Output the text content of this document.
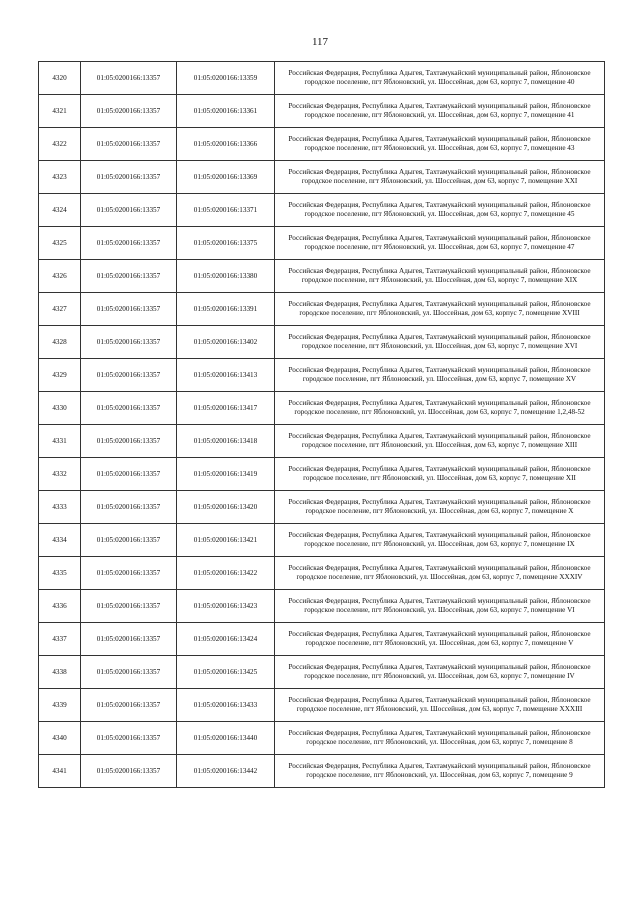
117
4320	01:05:0200166:13357	01:05:0200166:13359	Российская Федерация, Республика Адыгея, Тахтамукайский муниципальный район, Яблоновское городское поселение, пгт Яблоновский, ул. Шоссейная, дом 63, корпус 7, помещение 40
4321	01:05:0200166:13357	01:05:0200166:13361	Российская Федерация, Республика Адыгея, Тахтамукайский муниципальный район, Яблоновское городское поселение, пгт Яблоновский, ул. Шоссейная, дом 63, корпус 7, помещение 41
4322	01:05:0200166:13357	01:05:0200166:13366	Российская Федерация, Республика Адыгея, Тахтамукайский муниципальный район, Яблоновское городское поселение, пгт Яблоновский, ул. Шоссейная, дом 63, корпус 7, помещение 43
4323	01:05:0200166:13357	01:05:0200166:13369	Российская Федерация, Республика Адыгея, Тахтамукайский муниципальный район, Яблоновское городское поселение, пгт Яблоновский, ул. Шоссейная, дом 63, корпус 7, помещение XXI
4324	01:05:0200166:13357	01:05:0200166:13371	Российская Федерация, Республика Адыгея, Тахтамукайский муниципальный район, Яблоновское городское поселение, пгт Яблоновский, ул. Шоссейная, дом 63, корпус 7, помещение 45
4325	01:05:0200166:13357	01:05:0200166:13375	Российская Федерация, Республика Адыгея, Тахтамукайский муниципальный район, Яблоновское городское поселение, пгт Яблоновский, ул. Шоссейная, дом 63, корпус 7, помещение 47
4326	01:05:0200166:13357	01:05:0200166:13380	Российская Федерация, Республика Адыгея, Тахтамукайский муниципальный район, Яблоновское городское поселение, пгт Яблоновский, ул. Шоссейная, дом 63, корпус 7, помещение XIX
4327	01:05:0200166:13357	01:05:0200166:13391	Российская Федерация, Республика Адыгея, Тахтамукайский муниципальный район, Яблоновское городское поселение, пгт Яблоновский, ул. Шоссейная, дом 63, корпус 7, помещение XVIII
4328	01:05:0200166:13357	01:05:0200166:13402	Российская Федерация, Республика Адыгея, Тахтамукайский муниципальный район, Яблоновское городское поселение, пгт Яблоновский, ул. Шоссейная, дом 63, корпус 7, помещение XVI
4329	01:05:0200166:13357	01:05:0200166:13413	Российская Федерация, Республика Адыгея, Тахтамукайский муниципальный район, Яблоновское городское поселение, пгт Яблоновский, ул. Шоссейная, дом 63, корпус 7, помещение XV
4330	01:05:0200166:13357	01:05:0200166:13417	Российская Федерация, Республика Адыгея, Тахтамукайский муниципальный район, Яблоновское городское поселение, пгт Яблоновский, ул. Шоссейная, дом 63, корпус 7, помещение 1,2,48-52
4331	01:05:0200166:13357	01:05:0200166:13418	Российская Федерация, Республика Адыгея, Тахтамукайский муниципальный район, Яблоновское городское поселение, пгт Яблоновский, ул. Шоссейная, дом 63, корпус 7, помещение XIII
4332	01:05:0200166:13357	01:05:0200166:13419	Российская Федерация, Республика Адыгея, Тахтамукайский муниципальный район, Яблоновское городское поселение, пгт Яблоновский, ул. Шоссейная, дом 63, корпус 7, помещение XII
4333	01:05:0200166:13357	01:05:0200166:13420	Российская Федерация, Республика Адыгея, Тахтамукайский муниципальный район, Яблоновское городское поселение, пгт Яблоновский, ул. Шоссейная, дом 63, корпус 7, помещение X
4334	01:05:0200166:13357	01:05:0200166:13421	Российская Федерация, Республика Адыгея, Тахтамукайский муниципальный район, Яблоновское городское поселение, пгт Яблоновский, ул. Шоссейная, дом 63, корпус 7, помещение IX
4335	01:05:0200166:13357	01:05:0200166:13422	Российская Федерация, Республика Адыгея, Тахтамукайский муниципальный район, Яблоновское городское поселение, пгт Яблоновский, ул. Шоссейная, дом 63, корпус 7, помещение XXXIV
4336	01:05:0200166:13357	01:05:0200166:13423	Российская Федерация, Республика Адыгея, Тахтамукайский муниципальный район, Яблоновское городское поселение, пгт Яблоновский, ул. Шоссейная, дом 63, корпус 7, помещение VI
4337	01:05:0200166:13357	01:05:0200166:13424	Российская Федерация, Республика Адыгея, Тахтамукайский муниципальный район, Яблоновское городское поселение, пгт Яблоновский, ул. Шоссейная, дом 63, корпус 7, помещение V
4338	01:05:0200166:13357	01:05:0200166:13425	Российская Федерация, Республика Адыгея, Тахтамукайский муниципальный район, Яблоновское городское поселение, пгт Яблоновский, ул. Шоссейная, дом 63, корпус 7, помещение IV
4339	01:05:0200166:13357	01:05:0200166:13433	Российская Федерация, Республика Адыгея, Тахтамукайский муниципальный район, Яблоновское городское поселение, пгт Яблоновский, ул. Шоссейная, дом 63, корпус 7, помещение XXXIII
4340	01:05:0200166:13357	01:05:0200166:13440	Российская Федерация, Республика Адыгея, Тахтамукайский муниципальный район, Яблоновское городское поселение, пгт Яблоновский, ул. Шоссейная, дом 63, корпус 7, помещение 8
4341	01:05:0200166:13357	01:05:0200166:13442	Российская Федерация, Республика Адыгея, Тахтамукайский муниципальный район, Яблоновское городское поселение, пгт Яблоновский, ул. Шоссейная, дом 63, корпус 7, помещение 9
